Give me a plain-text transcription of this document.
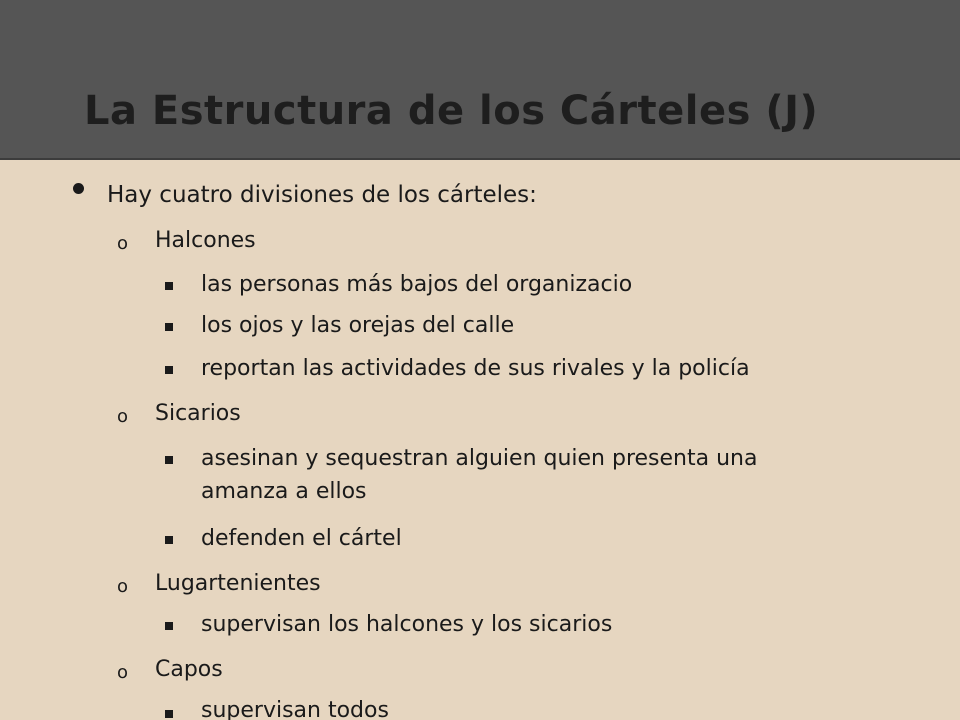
La Estructura de los Cárteles (J)
Hay cuatro divisiones de los cárteles:
o Halcones
las personas más bajos del organizacio
los ojos y las orejas del calle
reportan las actividades de sus rivales y la policía
o Sicarios
asesinan y sequestran alguien quien presenta una
amanza a ellos
defenden el cártel
o Lugartenientes
supervisan los halcones y los sicarios
o Capos
supervisan todos
